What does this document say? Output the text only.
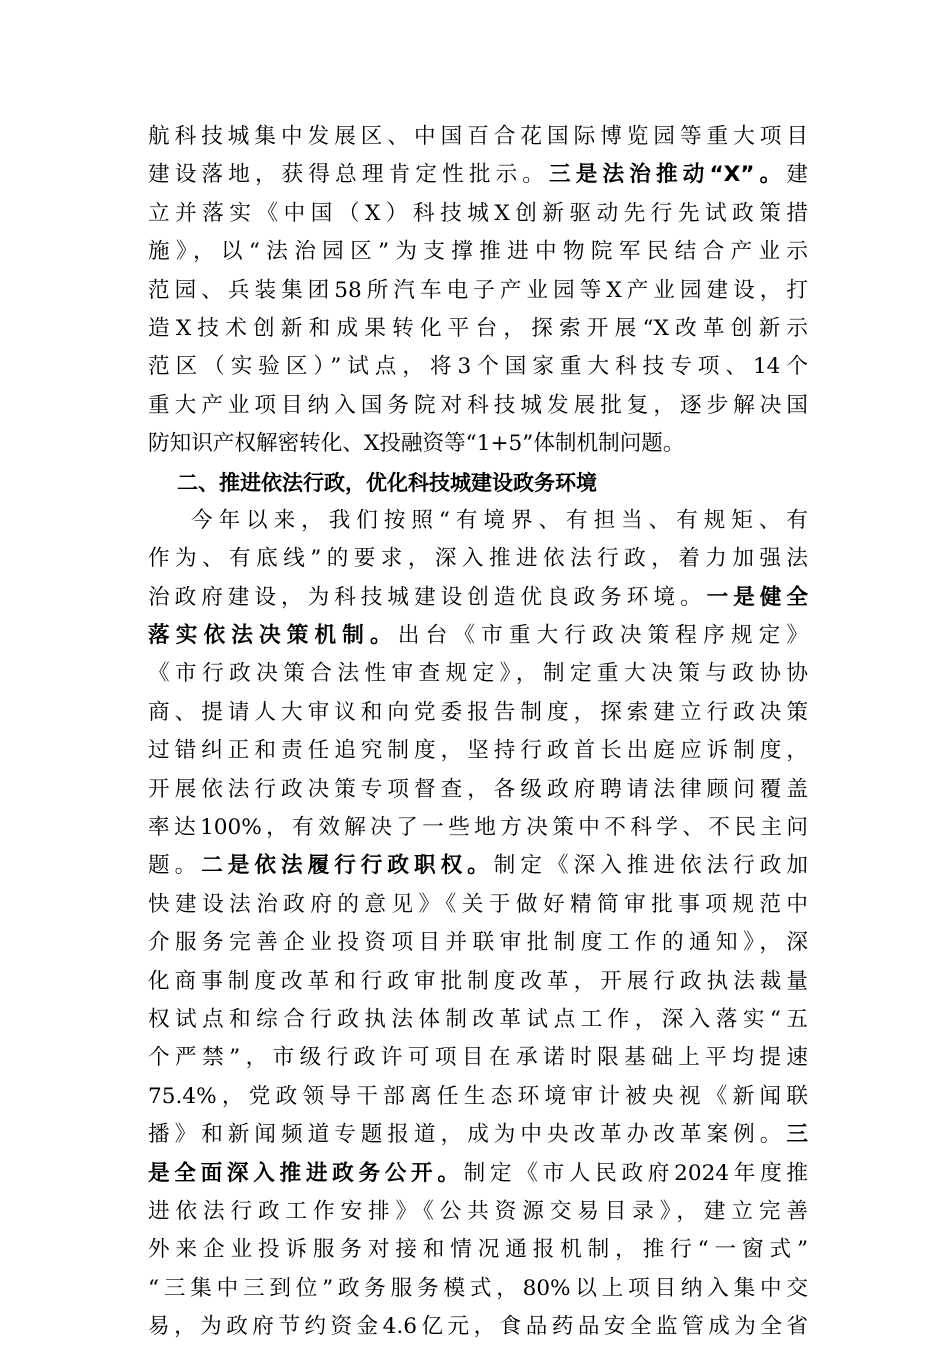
航科技城集中发展区、中国百合花国际博览园等重大项目
建设落地，获得总理肯定性批示。三是法治推动“X”。建
立并落实《中国（X）科技城X创新驱动先行先试政策措
施》，以“法治园区”为支撑推进中物院军民结合产业示
范园、兵装集团58所汽车电子产业园等X产业园建设，打
造X技术创新和成果转化平台，探索开展“X改革创新示
范区（实验区）”试点，将3个国家重大科技专项、14个
重大产业项目纳入国务院对科技城发展批复，逐步解决国
防知识产权解密转化、X投融资等“1+5”体制机制问题。
二、推进依法行政，优化科技城建设政务环境
今年以来，我们按照“有境界、有担当、有规矩、有
作为、有底线”的要求，深入推进依法行政，着力加强法
治政府建设，为科技城建设创造优良政务环境。一是健全
落实依法决策机制。出台《市重大行政决策程序规定》
《市行政决策合法性审查规定》，制定重大决策与政协协
商、提请人大审议和向党委报告制度，探索建立行政决策
过错纠正和责任追究制度，坚持行政首长出庭应诉制度，
开展依法行政决策专项督查，各级政府聘请法律顾问覆盖
率达100%，有效解决了一些地方决策中不科学、不民主问
题。二是依法履行行政职权。制定《深入推进依法行政加
快建设法治政府的意见》《关于做好精简审批事项规范中
介服务完善企业投资项目并联审批制度工作的通知》，深
化商事制度改革和行政审批制度改革，开展行政执法裁量
权试点和综合行政执法体制改革试点工作，深入落实“五
个严禁”，市级行政许可项目在承诺时限基础上平均提速
75.4%，党政领导干部离任生态环境审计被央视《新闻联
播》和新闻频道专题报道，成为中央改革办改革案例。三
是全面深入推进政务公开。制定《市人民政府2024年度推
进依法行政工作安排》《公共资源交易目录》，建立完善
外来企业投诉服务对接和情况通报机制，推行“一窗式”
“三集中三到位”政务服务模式，80%以上项目纳入集中交
易，为政府节约资金4.6亿元，食品药品安全监管成为全省
